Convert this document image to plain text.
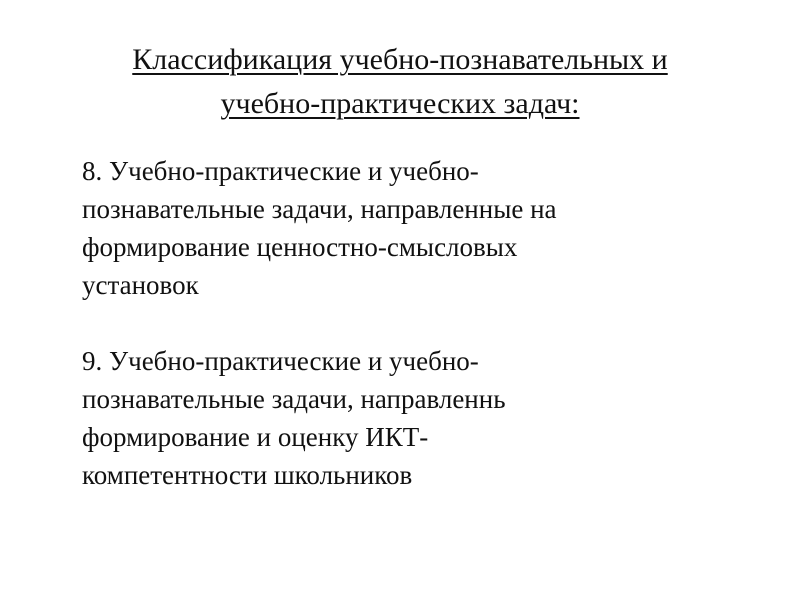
Классификация учебно-познавательных и
учебно-практических задач:

8. Учебно-практические и учебно-
познавательные задачи, направленные на
формирование ценностно-смысловых
установок

9. Учебно-практические и учебно-
познавательные задачи, направленнь
формирование и оценку ИКТ-
компетентности школьников
